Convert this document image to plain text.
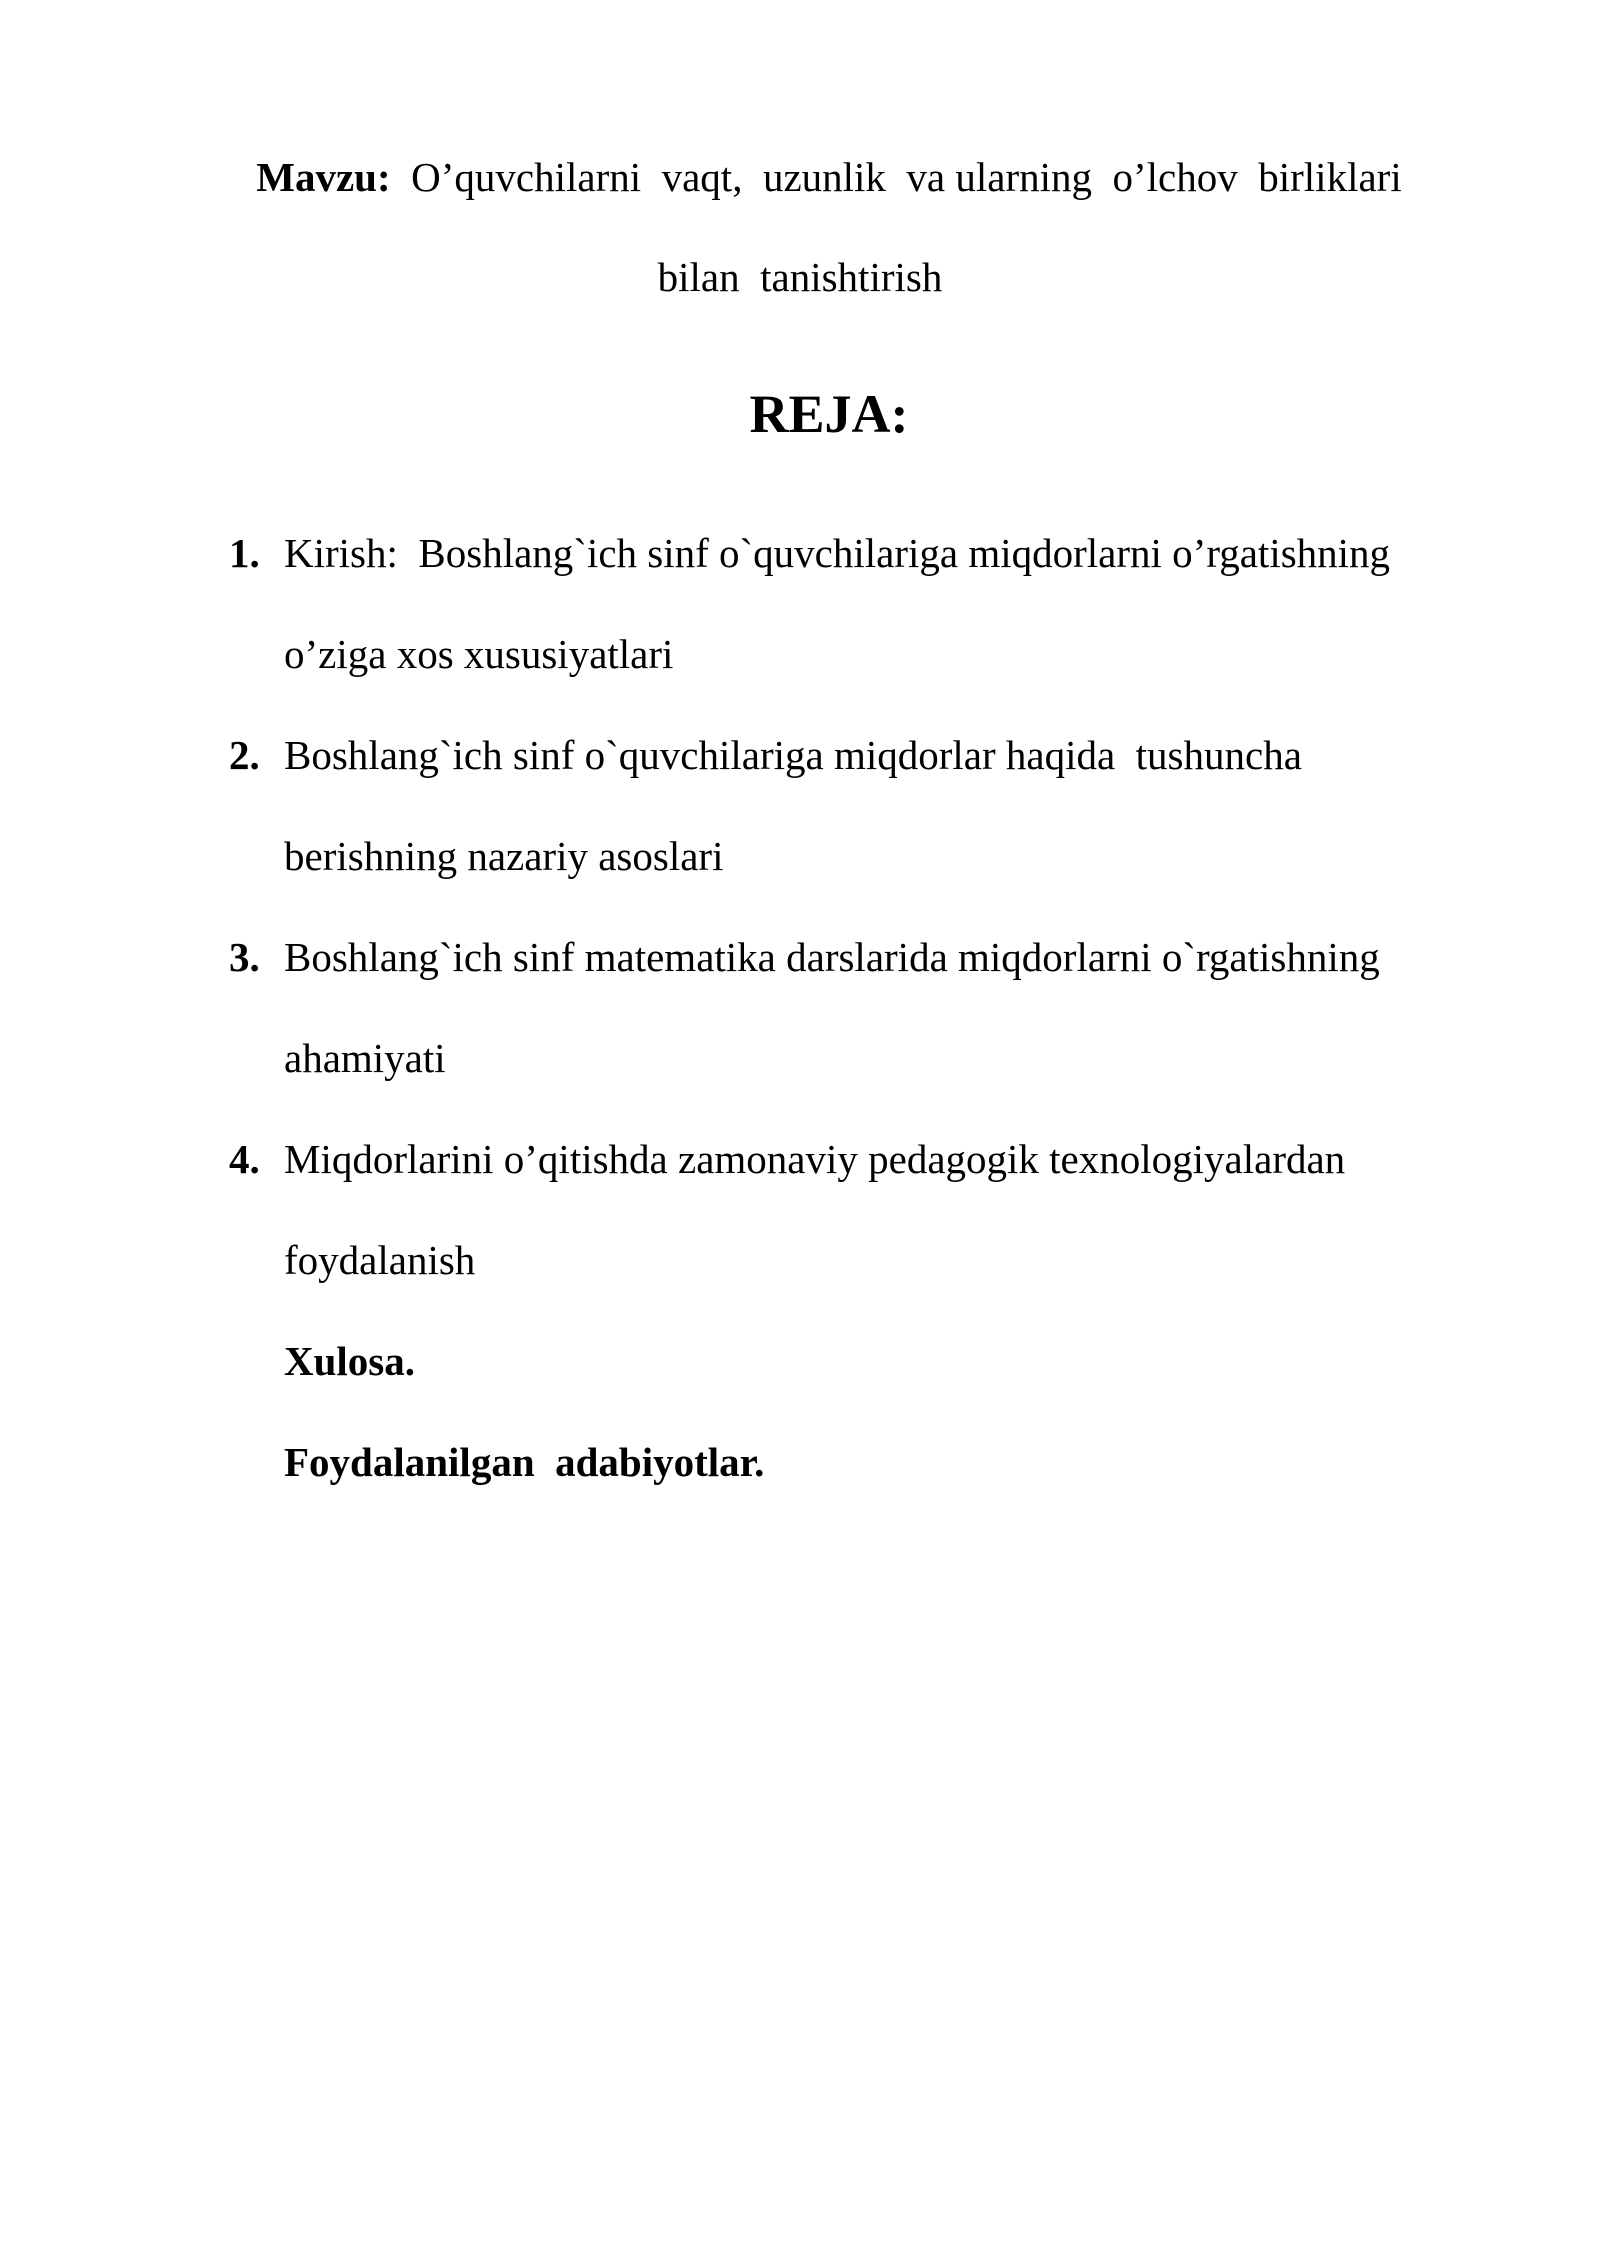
Mavzu: O’quvchilarni  vaqt,  uzunlik  va ularning  o’lchov  birliklari
bilan  tanishtirish
REJA:
1. Kirish:  Boshlang`ich sinf o`quvchilariga miqdorlarni o’rgatishning
o’ziga xos xususiyatlari
2. Boshlang`ich sinf o`quvchilariga miqdorlar haqida  tushuncha
berishning nazariy asoslari
3. Boshlang`ich sinf matematika darslarida miqdorlarni o`rgatishning
ahamiyati
4. Miqdorlarini o’qitishda zamonaviy pedagogik texnologiyalardan
foydalanish
Xulosa.
Foydalanilgan  adabiyotlar.
